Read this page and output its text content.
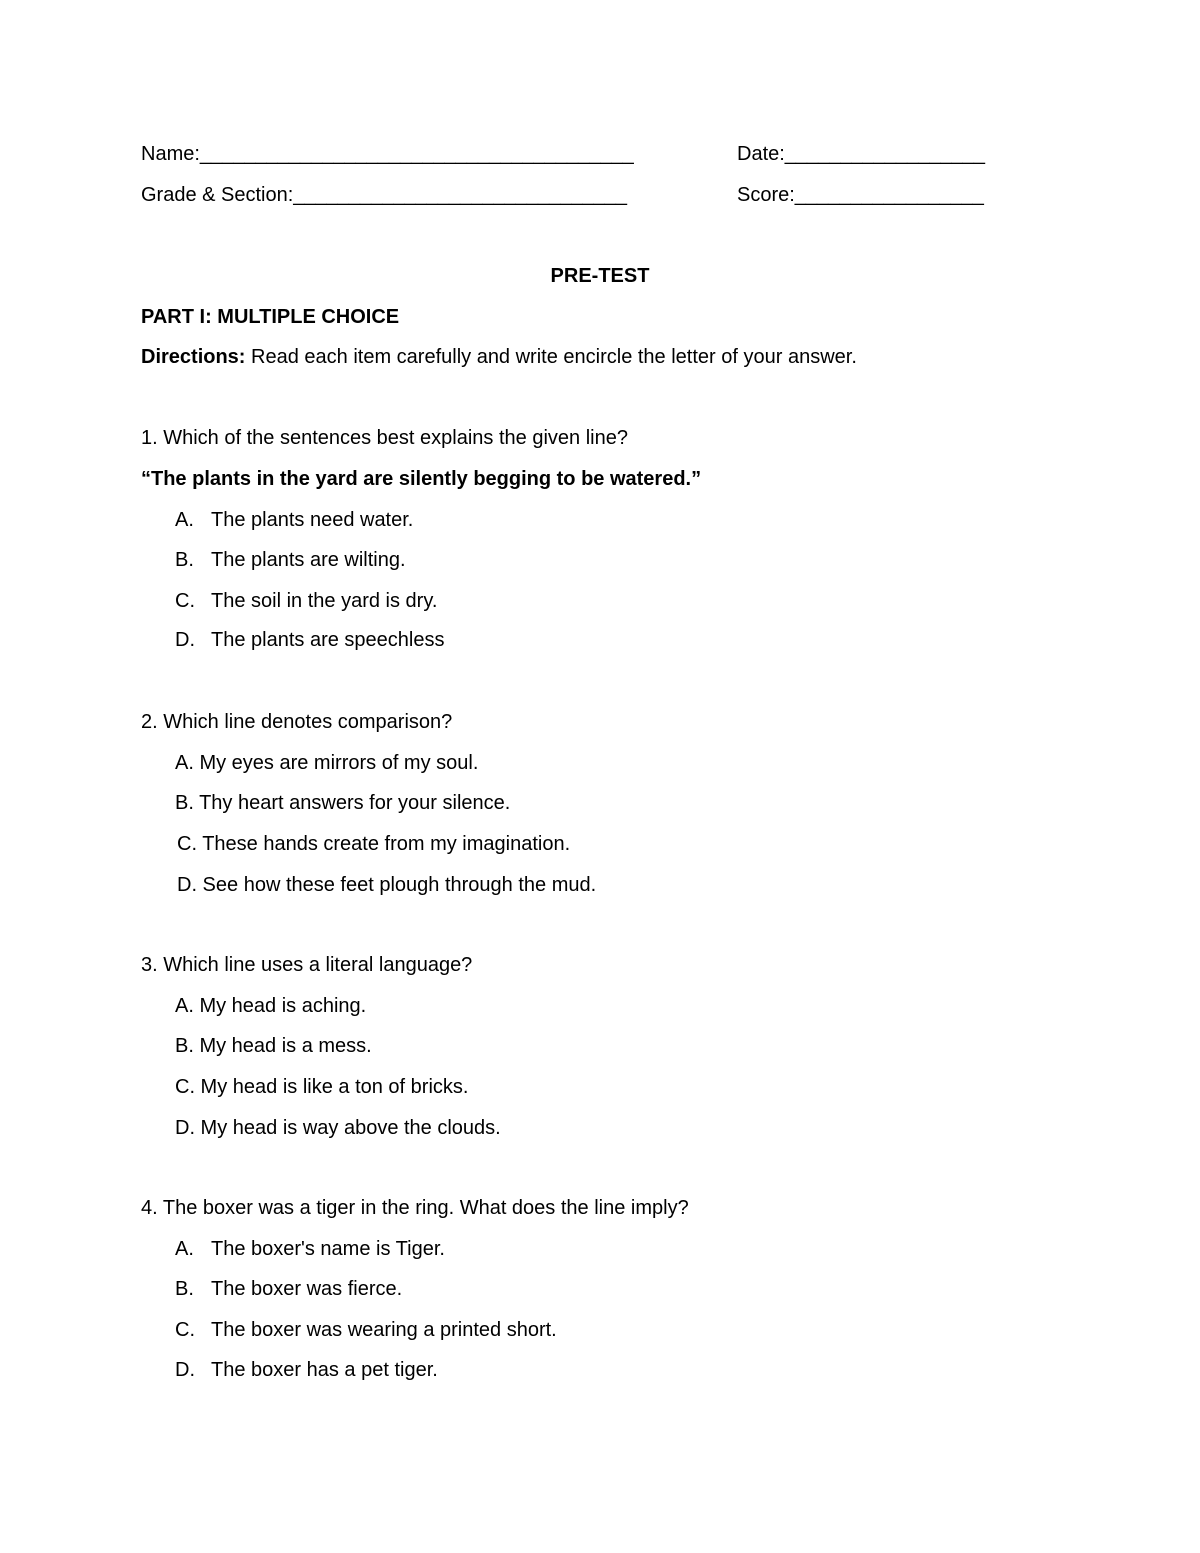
Name:_______________________________________	Date:__________________
Grade & Section:______________________________	Score:_________________
PRE-TEST
PART I: MULTIPLE CHOICE
Directions: Read each item carefully and write encircle the letter of your answer.
1. Which of the sentences best explains the given line?
“The plants in the yard are silently begging to be watered.”
A. The plants need water.
B. The plants are wilting.
C. The soil in the yard is dry.
D. The plants are speechless
2. Which line denotes comparison?
A. My eyes are mirrors of my soul.
B. Thy heart answers for your silence.
C. These hands create from my imagination.
D. See how these feet plough through the mud.
3. Which line uses a literal language?
A. My head is aching.
B. My head is a mess.
C. My head is like a ton of bricks.
D. My head is way above the clouds.
4. The boxer was a tiger in the ring. What does the line imply?
A. The boxer's name is Tiger.
B. The boxer was fierce.
C. The boxer was wearing a printed short.
D. The boxer has a pet tiger.
